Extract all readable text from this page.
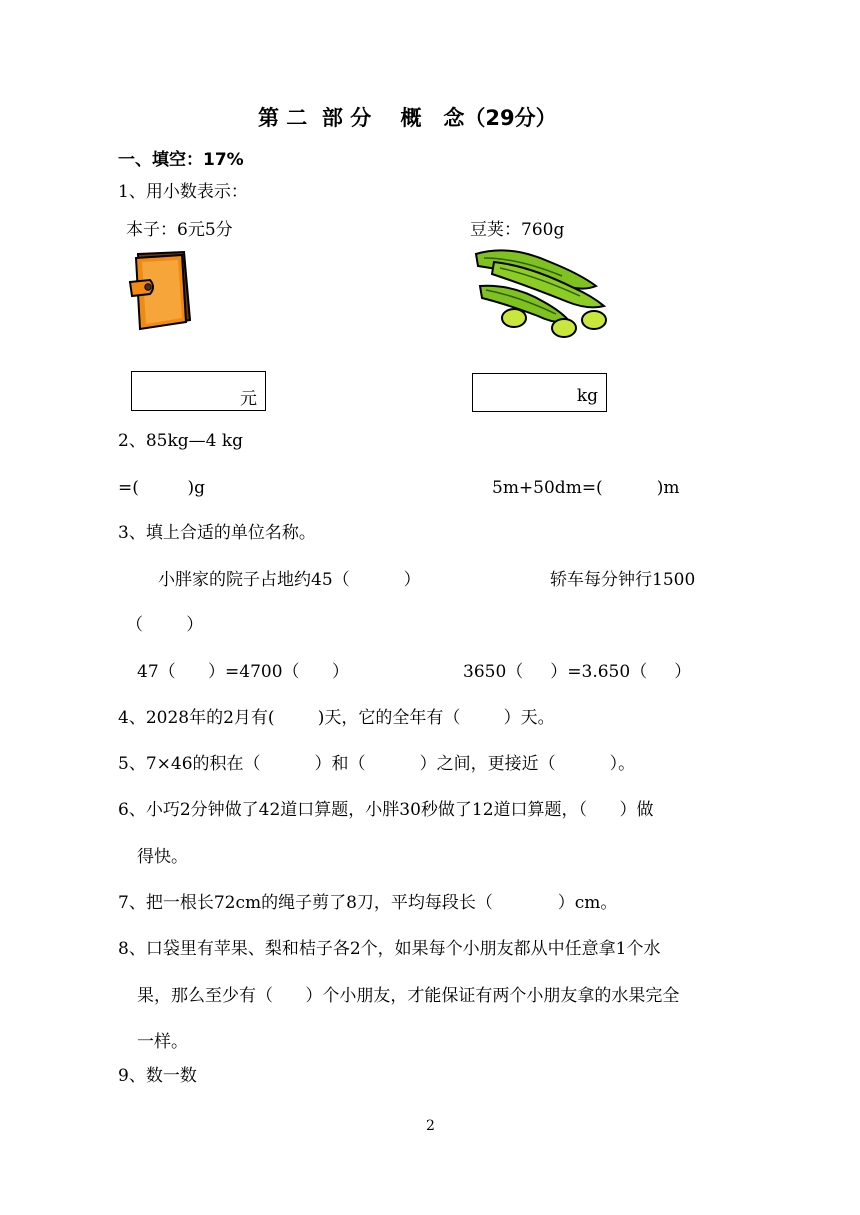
第 二  部 分    概   念（29分）
一、填空：17%
1、用小数表示：
本子：6元5分	豆荚：760g
元	kg
2、85kg—4 kg
=(         )g	5m+50dm=(          )m
3、填上合适的单位名称。
小胖家的院子占地约45（          ）	轿车每分钟行1500
（        ）
47（      ）=4700（      ）	3650（     ）=3.650（     ）
4、2028年的2月有(        )天，它的全年有（        ）天。
5、7×46的积在（          ）和（          ）之间，更接近（          ）。
6、小巧2分钟做了42道口算题，小胖30秒做了12道口算题，（      ）做
得快。
7、把一根长72cm的绳子剪了8刀，平均每段长（            ）cm。
8、口袋里有苹果、梨和桔子各2个，如果每个小朋友都从中任意拿1个水
果，那么至少有（      ）个小朋友，才能保证有两个小朋友拿的水果完全
一样。
9、数一数
2
